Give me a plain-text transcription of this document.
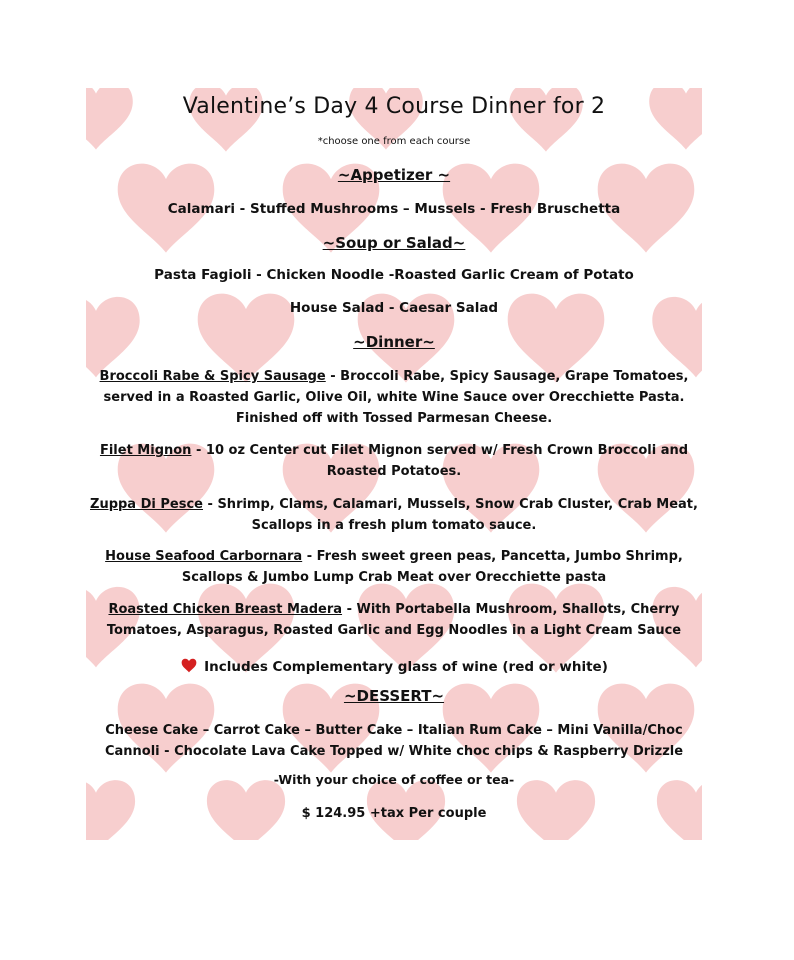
Valentine’s Day 4 Course Dinner for 2
*choose one from each course
~Appetizer ~
Calamari - Stuffed Mushrooms – Mussels - Fresh Bruschetta
~Soup or Salad~
Pasta Fagioli - Chicken Noodle -Roasted Garlic Cream of Potato
House Salad - Caesar Salad
~Dinner~
Broccoli Rabe & Spicy Sausage - Broccoli Rabe, Spicy Sausage, Grape Tomatoes, served in a Roasted Garlic, Olive Oil, white Wine Sauce over Orecchiette Pasta. Finished off with Tossed Parmesan Cheese.
Filet Mignon - 10 oz Center cut Filet Mignon served w/ Fresh Crown Broccoli and Roasted Potatoes.
Zuppa Di Pesce - Shrimp, Clams, Calamari, Mussels, Snow Crab Cluster, Crab Meat, Scallops in a fresh plum tomato sauce.
House Seafood Carbornara - Fresh sweet green peas, Pancetta, Jumbo Shrimp, Scallops & Jumbo Lump Crab Meat over Orecchiette pasta
Roasted Chicken Breast Madera - With Portabella Mushroom, Shallots, Cherry Tomatoes, Asparagus, Roasted Garlic and Egg Noodles in a Light Cream Sauce
Includes Complementary glass of wine (red or white)
~DESSERT~
Cheese Cake – Carrot Cake – Butter Cake – Italian Rum Cake – Mini Vanilla/Choc Cannoli - Chocolate Lava Cake Topped w/ White choc chips & Raspberry Drizzle
-With your choice of coffee or tea-
$ 124.95 +tax Per couple
